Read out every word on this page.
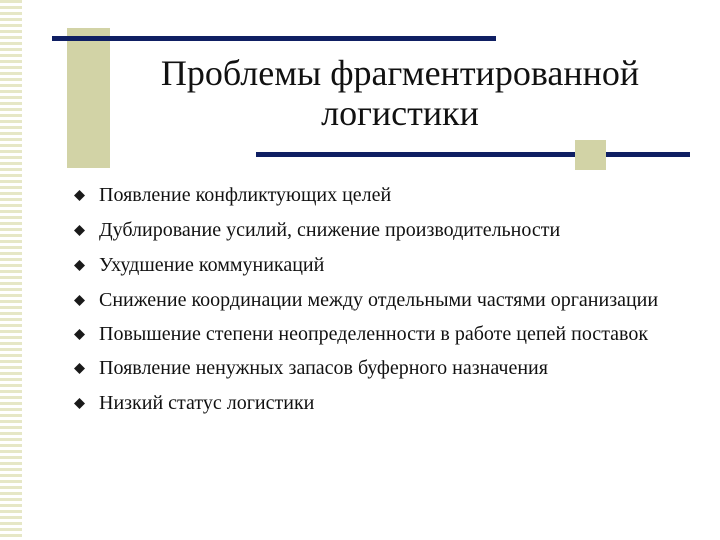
Проблемы фрагментированной
логистики
Появление конфликтующих целей
Дублирование усилий, снижение производительности
Ухудшение коммуникаций
Снижение координации между отдельными частями организации
Повышение степени неопределенности в работе цепей поставок
Появление ненужных запасов буферного назначения
Низкий статус логистики
